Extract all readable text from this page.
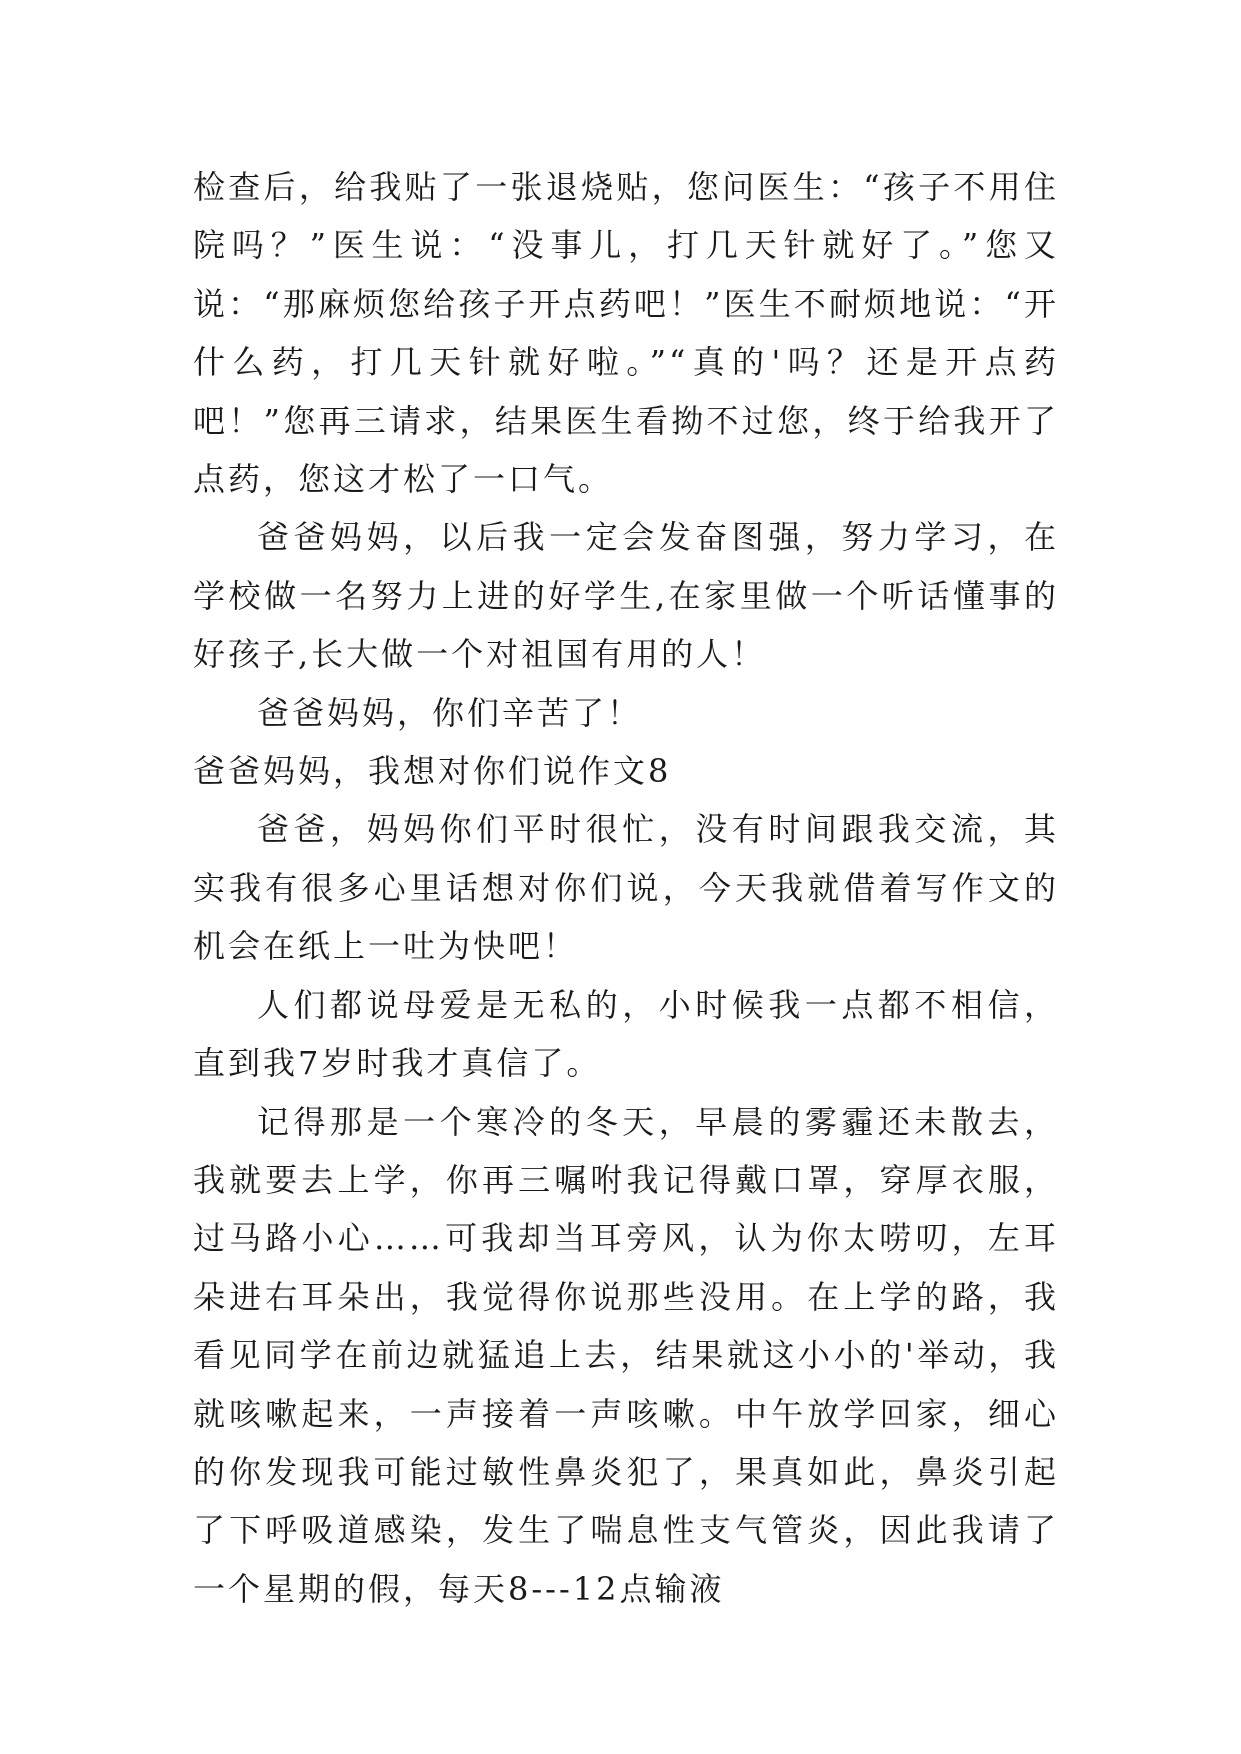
检查后，给我贴了一张退烧贴，您问医生：“孩子不用住院吗？”医生说：“没事儿，打几天针就好了。”您又说：“那麻烦您给孩子开点药吧！”医生不耐烦地说：“开什么药，打几天针就好啦。”“真的'吗？还是开点药吧！”您再三请求，结果医生看拗不过您，终于给我开了点药，您这才松了一口气。

爸爸妈妈，以后我一定会发奋图强，努力学习，在学校做一名努力上进的好学生,在家里做一个听话懂事的好孩子,长大做一个对祖国有用的人！

爸爸妈妈，你们辛苦了！

爸爸妈妈，我想对你们说作文8

爸爸，妈妈你们平时很忙，没有时间跟我交流，其实我有很多心里话想对你们说，今天我就借着写作文的机会在纸上一吐为快吧！

人们都说母爱是无私的，小时候我一点都不相信，直到我7岁时我才真信了。

记得那是一个寒冷的冬天，早晨的雾霾还未散去，我就要去上学，你再三嘱咐我记得戴口罩，穿厚衣服，过马路小心……可我却当耳旁风，认为你太唠叨，左耳朵进右耳朵出，我觉得你说那些没用。在上学的路，我看见同学在前边就猛追上去，结果就这小小的'举动，我就咳嗽起来，一声接着一声咳嗽。中午放学回家，细心的你发现我可能过敏性鼻炎犯了，果真如此，鼻炎引起了下呼吸道感染，发生了喘息性支气管炎，因此我请了一个星期的假，每天8---12点输液
